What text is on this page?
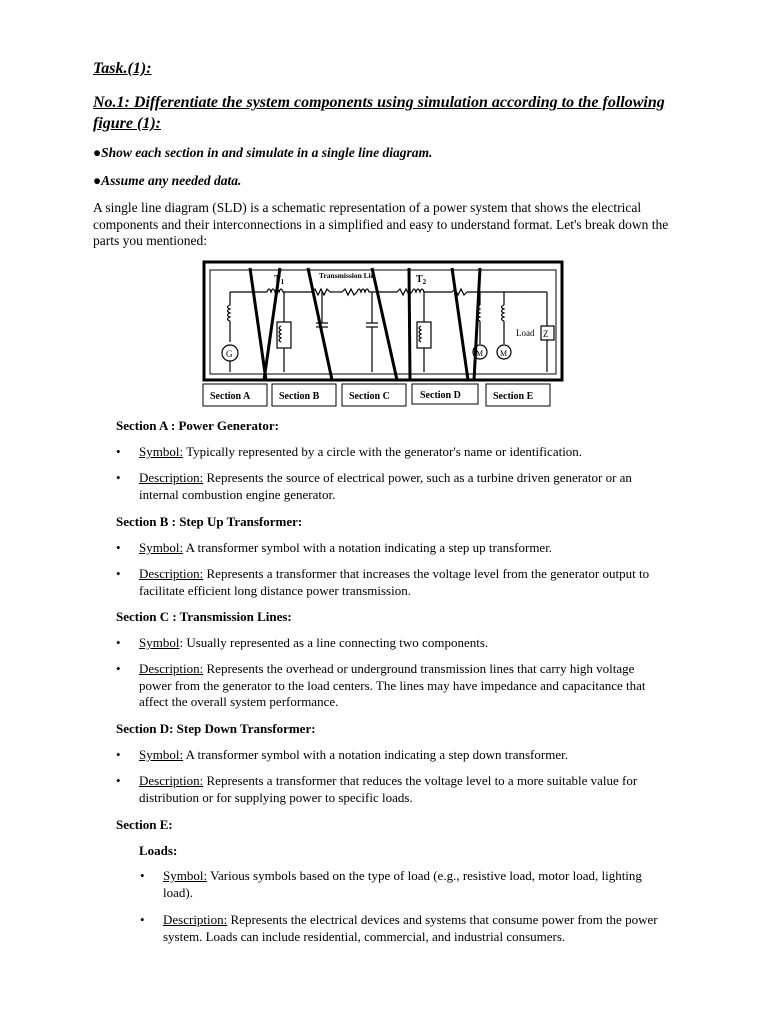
Task.(1):
No.1: Differentiate the system components using simulation according to the following figure (1):
●Show each section in and simulate in a single line diagram.
●Assume any needed data.
A single line diagram (SLD) is a schematic representation of a power system that shows the electrical components and their interconnections in a simplified and easy to understand format. Let's break down the parts you mentioned:
$T_1$
Transmission Lin	$T_2$
G	M M
Load Z
Section A	Section B	Section C	Section D	Section E
Section A : Power Generator:
• Symbol: Typically represented by a circle with the generator's name or identification.
• Description: Represents the source of electrical power, such as a turbine driven generator or an internal combustion engine generator.
Section B : Step Up Transformer:
• Symbol: A transformer symbol with a notation indicating a step up transformer.
• Description: Represents a transformer that increases the voltage level from the generator output to facilitate efficient long distance power transmission.
Section C : Transmission Lines:
• Symbol: Usually represented as a line connecting two components.
• Description: Represents the overhead or underground transmission lines that carry high voltage power from the generator to the load centers. The lines may have impedance and capacitance that affect the overall system performance.
Section D: Step Down Transformer:
• Symbol: A transformer symbol with a notation indicating a step down transformer.
• Description: Represents a transformer that reduces the voltage level to a more suitable value for distribution or for supplying power to specific loads.
Section E:
Loads:
• Symbol: Various symbols based on the type of load (e.g., resistive load, motor load, lighting load).
• Description: Represents the electrical devices and systems that consume power from the power system. Loads can include residential, commercial, and industrial consumers.
